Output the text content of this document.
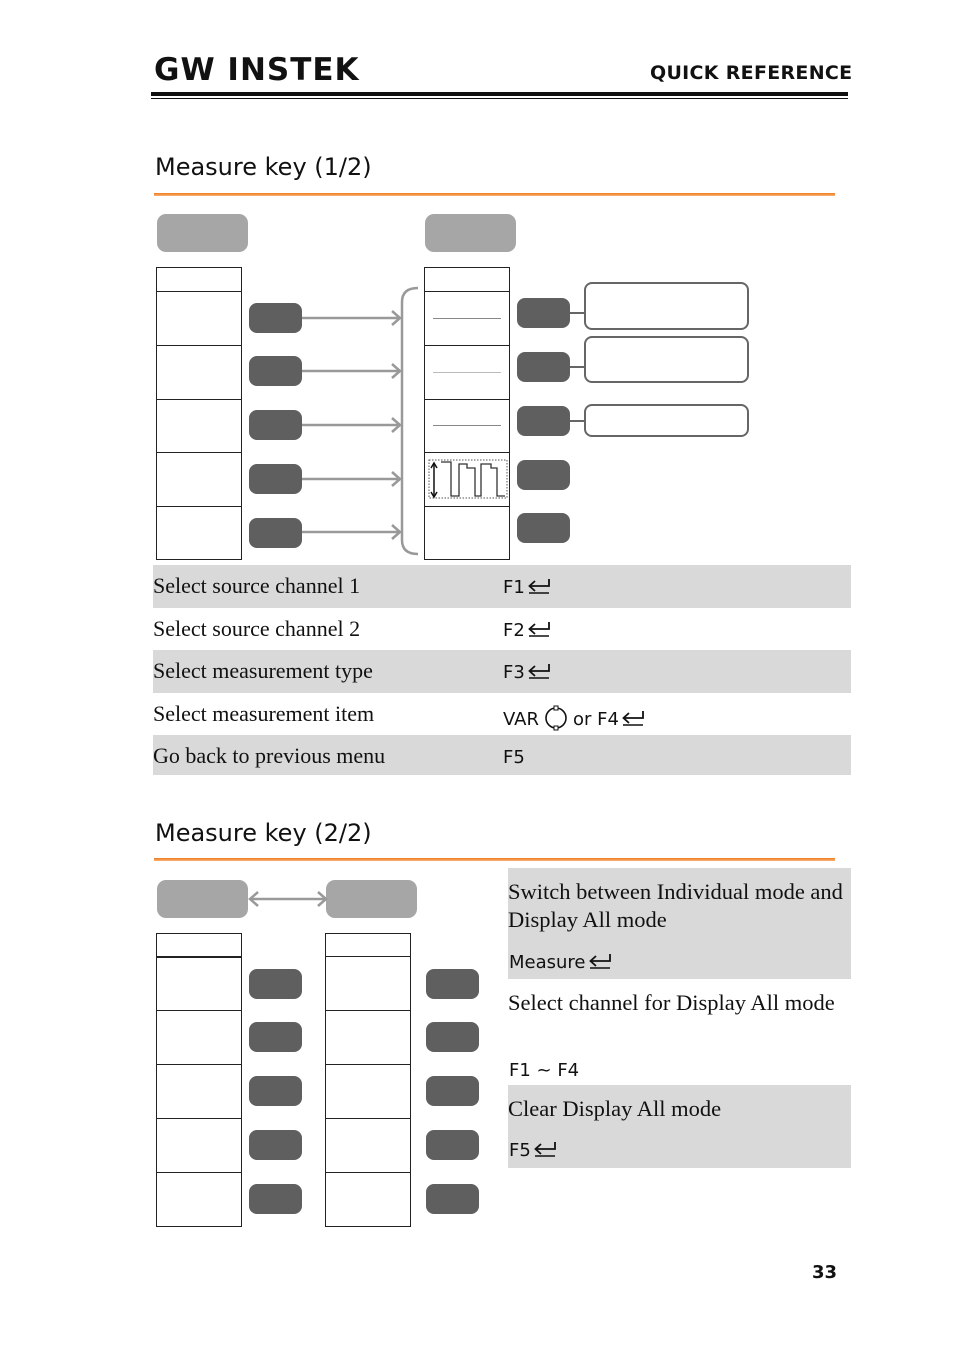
GW INSTEK	QUICK REFERENCE
Measure key (1/2)
Select source channel 1	F1
Select source channel 2	F2
Select measurement type	F3
Select measurement item	VAR or F4
Go back to previous menu	F5
Measure key (2/2)
Switch between Individual mode and Display All mode
Measure
Select channel for Display All mode
F1 ~ F4
Clear Display All mode
F5
33
